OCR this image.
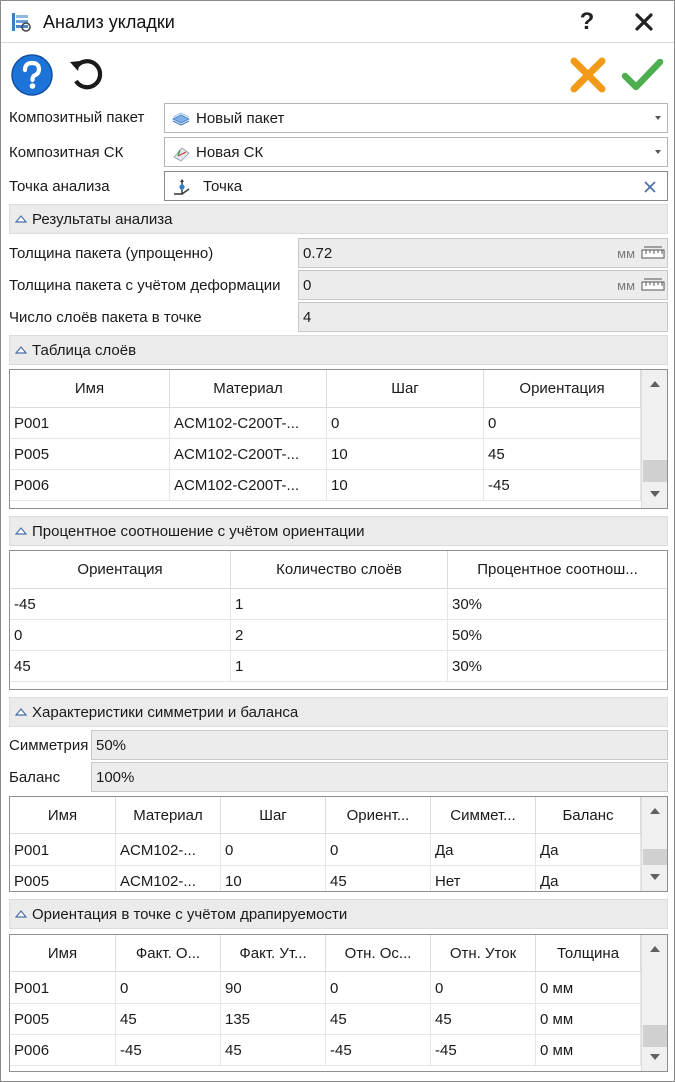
Анализ укладки	?
Композитный пакет	Новый пакет
Композитная СК	Новая СК
Точка анализа	Точка
Результаты анализа
Толщина пакета (упрощенно)	0.72	мм
Толщина пакета с учётом деформации 0	мм
Число слоёв пакета в точке	4
Таблица слоёв
Имя	Материал	Шаг	Ориентация
P001	ACM102-C200T-...	0	0
P005	ACM102-C200T-...	10	45
P006	ACM102-C200T-...	10	-45
Процентное соотношение с учётом ориентации
Ориентация	Количество слоёв	Процентное соотнош...
-45	1	30%
0	2	50%
45	1	30%
Характеристики симметрии и баланса
Симметрия 50%
Баланс 100%
Имя	Материал	Шаг	Ориент...	Симмет...	Баланс
P001	ACM102-...	0	0	Да	Да
P005	ACM102-...	10	45	Нет	Да
Ориентация в точке с учётом драпируемости
Имя	Факт. О...	Факт. Ут...	Отн. Ос...	Отн. Уток	Толщина
P001	0	90	0	0	0 мм
P005	45	135	45	45	0 мм
P006	-45	45	-45	-45	0 мм
